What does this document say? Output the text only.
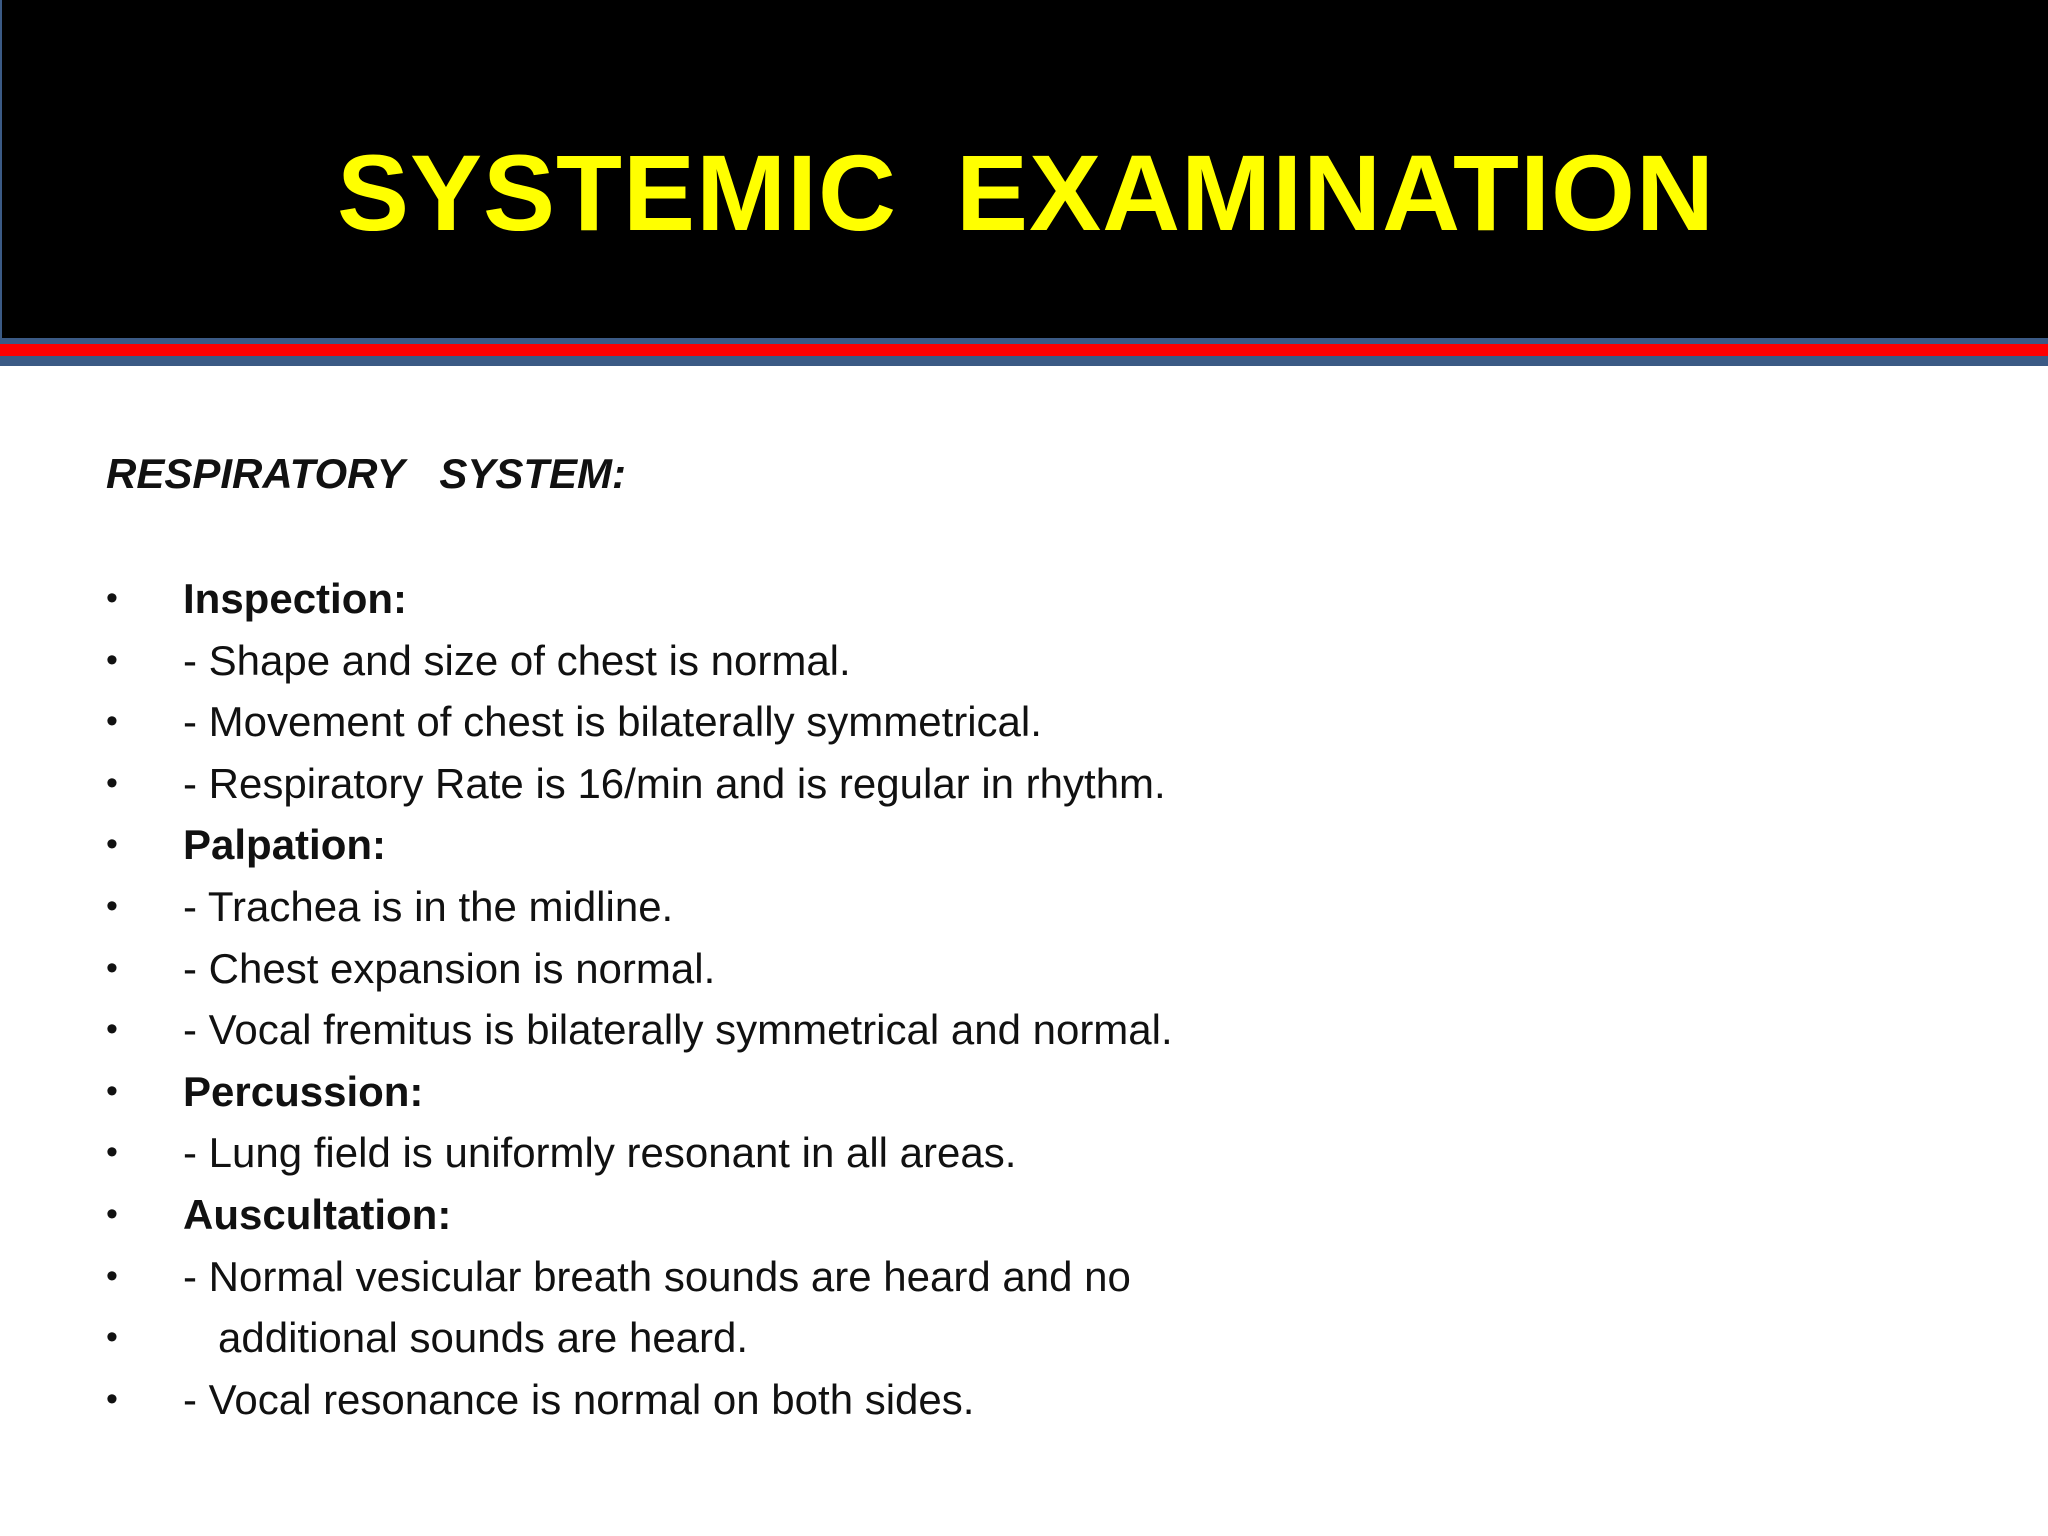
SYSTEMIC EXAMINATION
RESPIRATORY  SYSTEM:
• Inspection:
• - Shape and size of chest is normal.
• - Movement of chest is bilaterally symmetrical.
• - Respiratory Rate is 16/min and is regular in rhythm.
• Palpation:
• - Trachea is in the midline.
• - Chest expansion is normal.
• - Vocal fremitus is bilaterally symmetrical and normal.
• Percussion:
• - Lung field is uniformly resonant in all areas.
• Auscultation:
• - Normal vesicular breath sounds are heard and no
• additional sounds are heard.
• - Vocal resonance is normal on both sides.
